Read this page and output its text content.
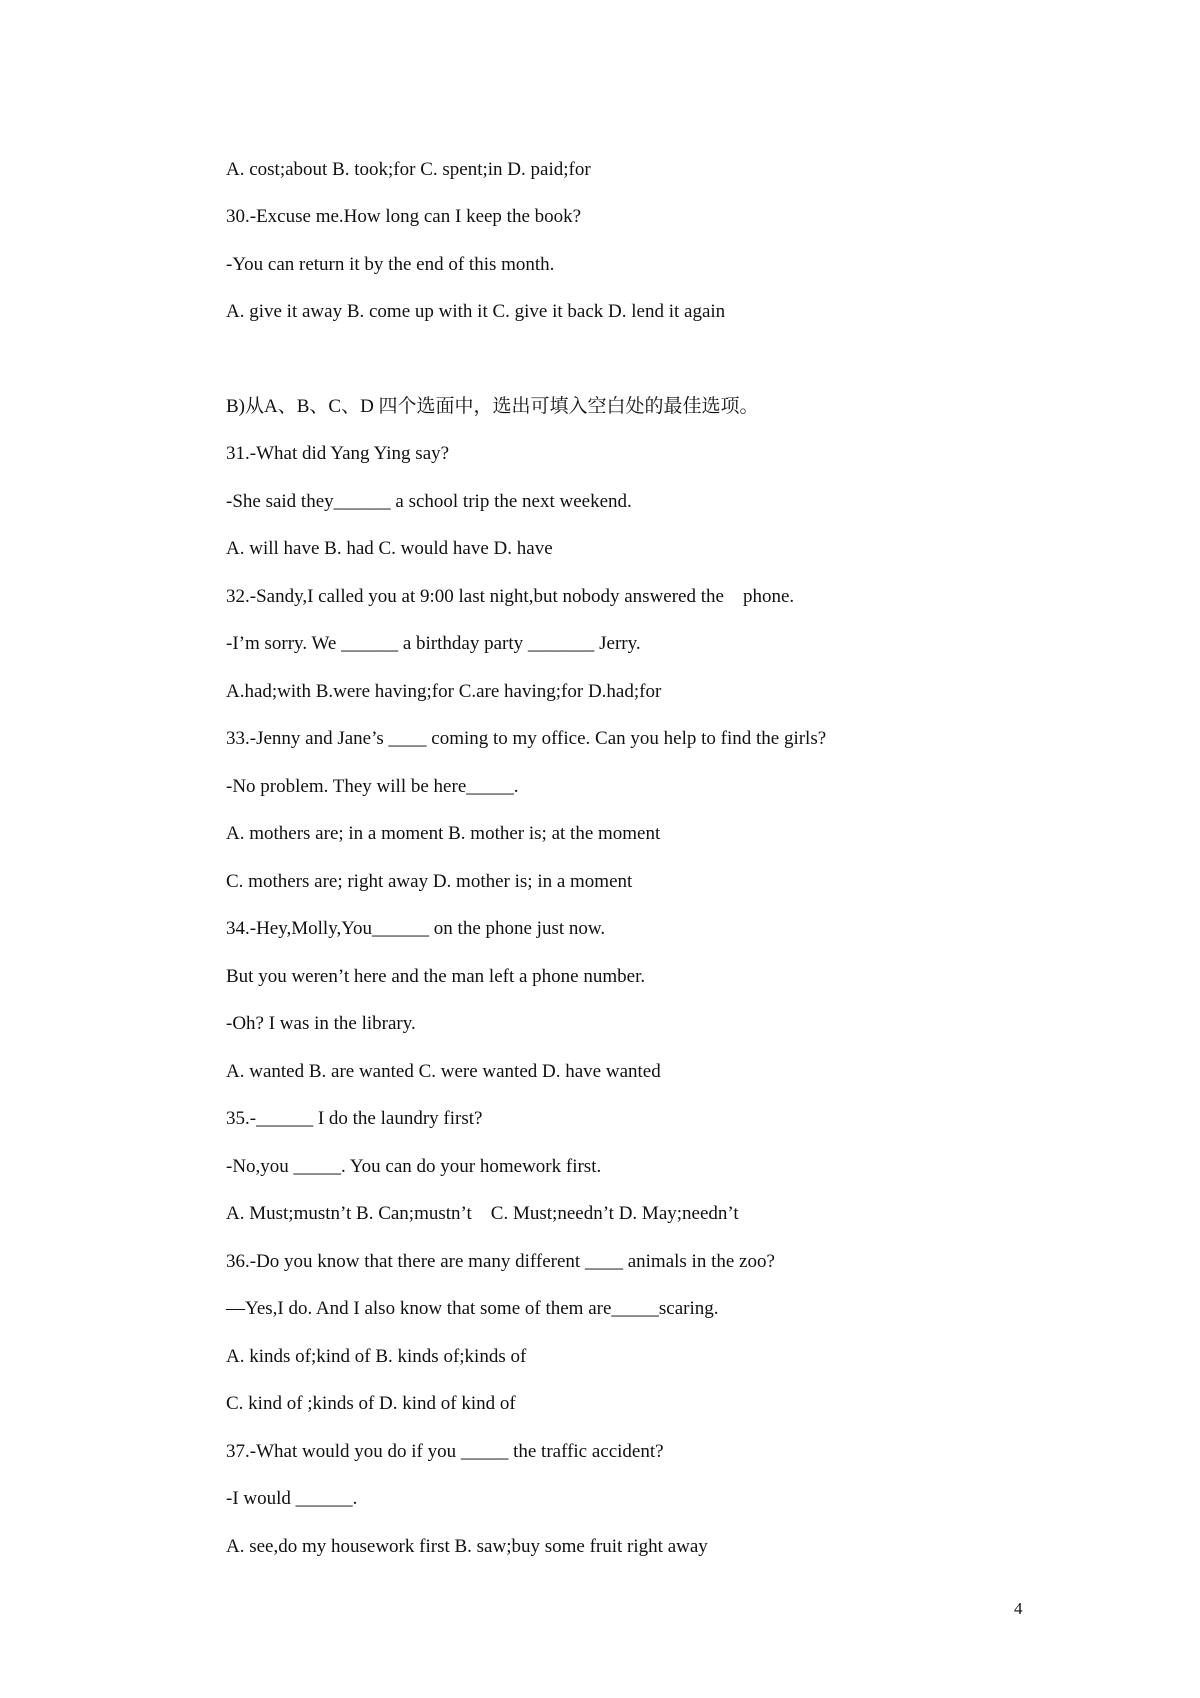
A. cost;about B. took;for C. spent;in D. paid;for
30.-Excuse me.How long can I keep the book?
-You can return it by the end of this month.
A. give it away B. come up with it C. give it back D. lend it again
B)从A、B、C、D 四个选面中，选出可填入空白处的最佳选项。
31.-What did Yang Ying say?
-She said they______ a school trip the next weekend.
A. will have B. had C. would have D. have
32.-Sandy,I called you at 9:00 last night,but nobody answered the    phone.
-I’m sorry. We ______ a birthday party _______ Jerry.
A.had;with B.were having;for C.are having;for D.had;for
33.-Jenny and Jane’s ____ coming to my office. Can you help to find the girls?
-No problem. They will be here_____.
A. mothers are; in a moment B. mother is; at the moment
C. mothers are; right away D. mother is; in a moment
34.-Hey,Molly,You______ on the phone just now.
But you weren’t here and the man left a phone number.
-Oh? I was in the library.
A. wanted B. are wanted C. were wanted D. have wanted
35.-______ I do the laundry first?
-No,you _____. You can do your homework first.
A. Must;mustn’t B. Can;mustn’t    C. Must;needn’t D. May;needn’t
36.-Do you know that there are many different ____ animals in the zoo?
—Yes,I do. And I also know that some of them are_____scaring.
A. kinds of;kind of B. kinds of;kinds of
C. kind of ;kinds of D. kind of kind of
37.-What would you do if you _____ the traffic accident?
-I would ______.
A. see,do my housework first B. saw;buy some fruit right away
4
